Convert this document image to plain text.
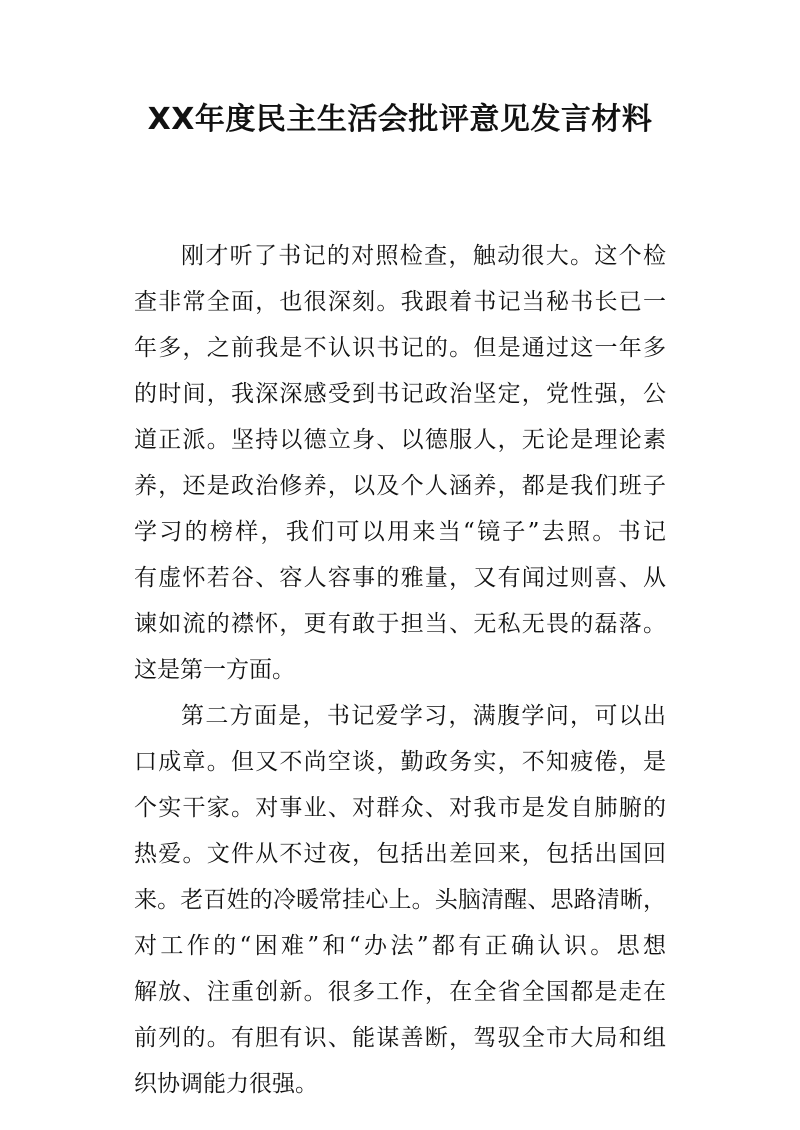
XX年度民主生活会批评意见发言材料
刚才听了书记的对照检查，触动很大。这个检
查非常全面，也很深刻。我跟着书记当秘书长已一
年多，之前我是不认识书记的。但是通过这一年多
的时间，我深深感受到书记政治坚定，党性强，公
道正派。坚持以德立身、以德服人，无论是理论素
养，还是政治修养，以及个人涵养，都是我们班子
学习的榜样，我们可以用来当“镜子”去照。书记
有虚怀若谷、容人容事的雅量，又有闻过则喜、从
谏如流的襟怀，更有敢于担当、无私无畏的磊落。
这是第一方面。
第二方面是，书记爱学习，满腹学问，可以出
口成章。但又不尚空谈，勤政务实，不知疲倦，是
个实干家。对事业、对群众、对我市是发自肺腑的
热爱。文件从不过夜，包括出差回来，包括出国回
来。老百姓的冷暖常挂心上。头脑清醒、思路清晰，
对工作的“困难”和“办法”都有正确认识。思想
解放、注重创新。很多工作，在全省全国都是走在
前列的。有胆有识、能谋善断，驾驭全市大局和组
织协调能力很强。
